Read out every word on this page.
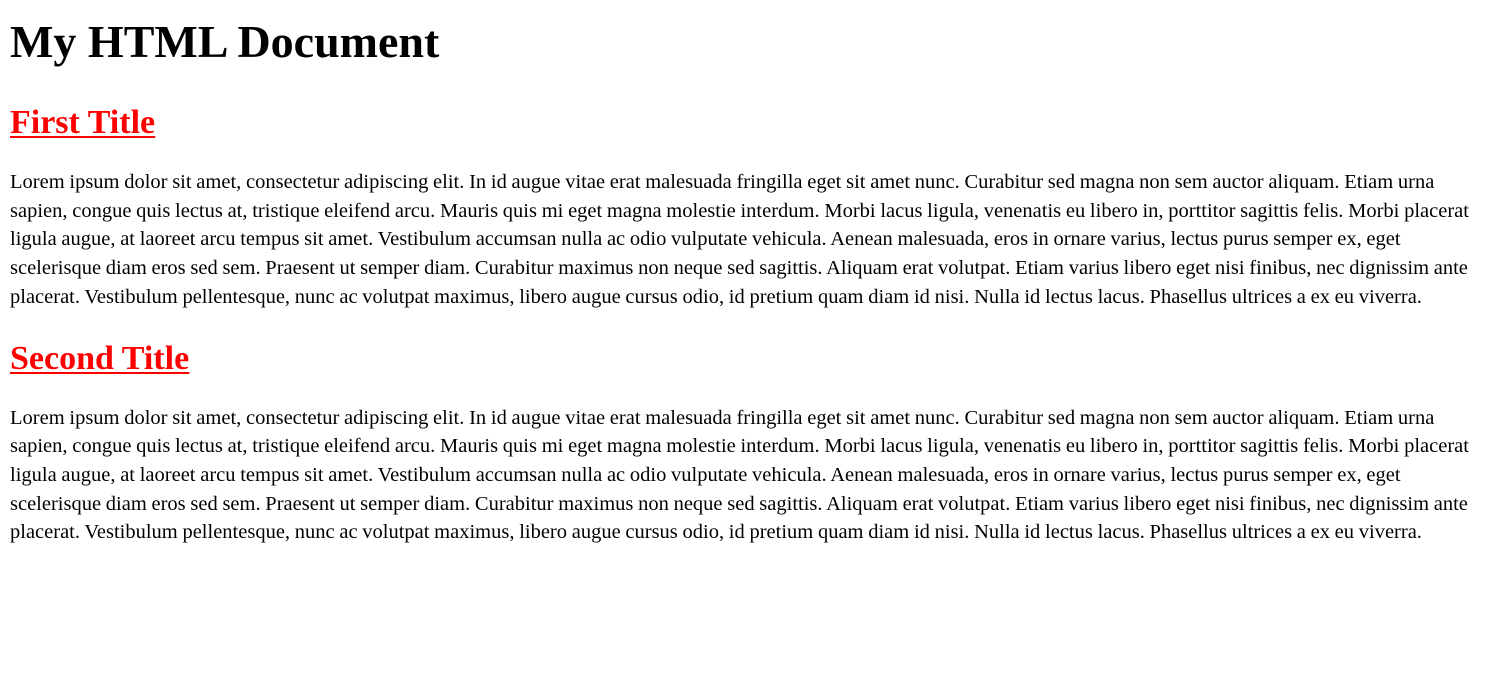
My HTML Document
First Title

Lorem ipsum dolor sit amet, consectetur adipiscing elit. In id augue vitae erat malesuada fringilla eget sit amet nunc. Curabitur sed magna non sem auctor aliquam. Etiam urna sapien, congue quis lectus at, tristique eleifend arcu. Mauris quis mi eget magna molestie interdum. Morbi lacus ligula, venenatis eu libero in, porttitor sagittis felis. Morbi placerat ligula augue, at laoreet arcu tempus sit amet. Vestibulum accumsan nulla ac odio vulputate vehicula. Aenean malesuada, eros in ornare varius, lectus purus semper ex, eget scelerisque diam eros sed sem. Praesent ut semper diam. Curabitur maximus non neque sed sagittis. Aliquam erat volutpat. Etiam varius libero eget nisi finibus, nec dignissim ante placerat. Vestibulum pellentesque, nunc ac volutpat maximus, libero augue cursus odio, id pretium quam diam id nisi. Nulla id lectus lacus. Phasellus ultrices a ex eu viverra.

Second Title

Lorem ipsum dolor sit amet, consectetur adipiscing elit. In id augue vitae erat malesuada fringilla eget sit amet nunc. Curabitur sed magna non sem auctor aliquam. Etiam urna sapien, congue quis lectus at, tristique eleifend arcu. Mauris quis mi eget magna molestie interdum. Morbi lacus ligula, venenatis eu libero in, porttitor sagittis felis. Morbi placerat ligula augue, at laoreet arcu tempus sit amet. Vestibulum accumsan nulla ac odio vulputate vehicula. Aenean malesuada, eros in ornare varius, lectus purus semper ex, eget scelerisque diam eros sed sem. Praesent ut semper diam. Curabitur maximus non neque sed sagittis. Aliquam erat volutpat. Etiam varius libero eget nisi finibus, nec dignissim ante placerat. Vestibulum pellentesque, nunc ac volutpat maximus, libero augue cursus odio, id pretium quam diam id nisi. Nulla id lectus lacus. Phasellus ultrices a ex eu viverra.
